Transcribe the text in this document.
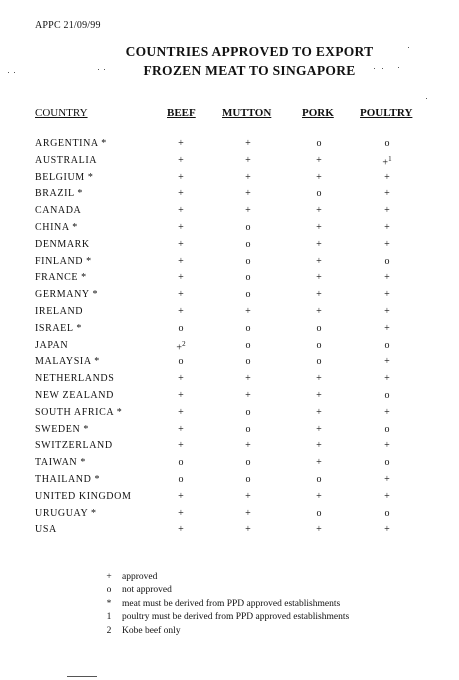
APPC 21/09/99
COUNTRIES APPROVED TO EXPORT
FROZEN MEAT TO SINGAPORE
COUNTRY	BEEF MUTTON	PORK POULTRY
ARGENTINA *	+	+	o	o
AUSTRALIA	+	+	+	+$^1$
BELGIUM *	+	+	+	+
BRAZIL *	+	+	o	+
CANADA	+	+	+	+
CHINA *	+	o	+	+
DENMARK	+	o	+	+
FINLAND *	+	o	+	o
FRANCE *	+	o	+	+
GERMANY *	+	o	+	+
IRELAND	+	+	+	+
ISRAEL *	o	o	o	+
JAPAN	+$^2$	o	o	o
MALAYSIA *	o	o	o	+
NETHERLANDS	+	+	+	+
NEW ZEALAND	+	+	+	o
SOUTH AFRICA *	+	o	+	+
SWEDEN *	+	o	+	o
SWITZERLAND	+	+	+	+
TAIWAN *	o	o	+	o
THAILAND *	o	o	o	+
UNITED KINGDOM	+	+	+	+
URUGUAY *	+	+	o	o
USA	+	+	+	+
+ approved
o not approved
* meat must be derived from PPD approved establishments
1 poultry must be derived from PPD approved establishments
2 Kobe beef only
